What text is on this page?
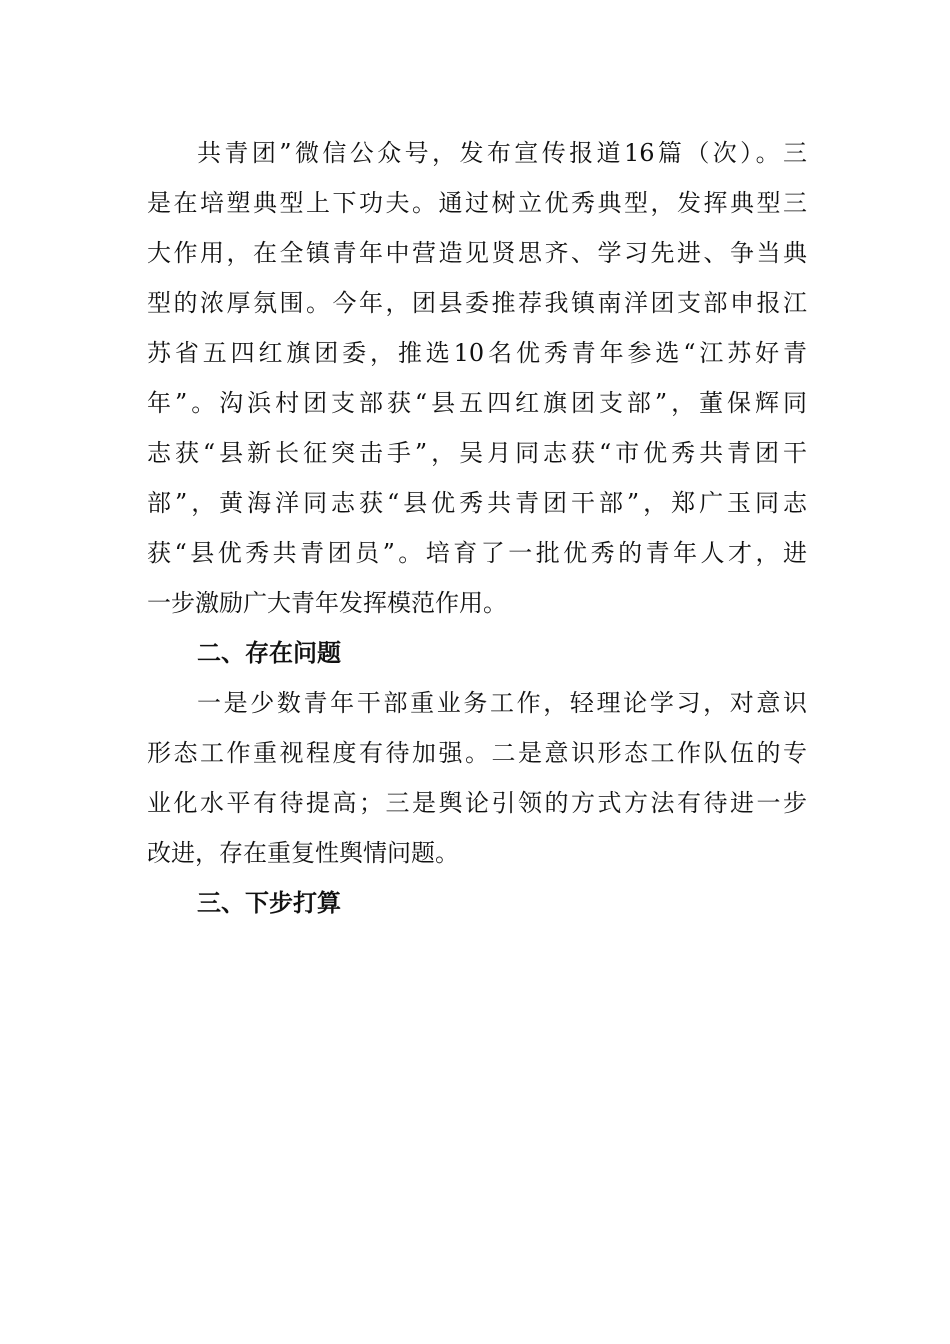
共青团”微信公众号，发布宣传报道16篇（次）。三
是在培塑典型上下功夫。通过树立优秀典型，发挥典型三
大作用，在全镇青年中营造见贤思齐、学习先进、争当典
型的浓厚氛围。今年，团县委推荐我镇南洋团支部申报江
苏省五四红旗团委，推选10名优秀青年参选“江苏好青
年”。沟浜村团支部获“县五四红旗团支部”，董保辉同
志获“县新长征突击手”，吴月同志获“市优秀共青团干
部”，黄海洋同志获“县优秀共青团干部”，郑广玉同志
获“县优秀共青团员”。培育了一批优秀的青年人才，进
一步激励广大青年发挥模范作用。
二、存在问题
一是少数青年干部重业务工作，轻理论学习，对意识
形态工作重视程度有待加强。二是意识形态工作队伍的专
业化水平有待提高；三是舆论引领的方式方法有待进一步
改进，存在重复性舆情问题。
三、下步打算
